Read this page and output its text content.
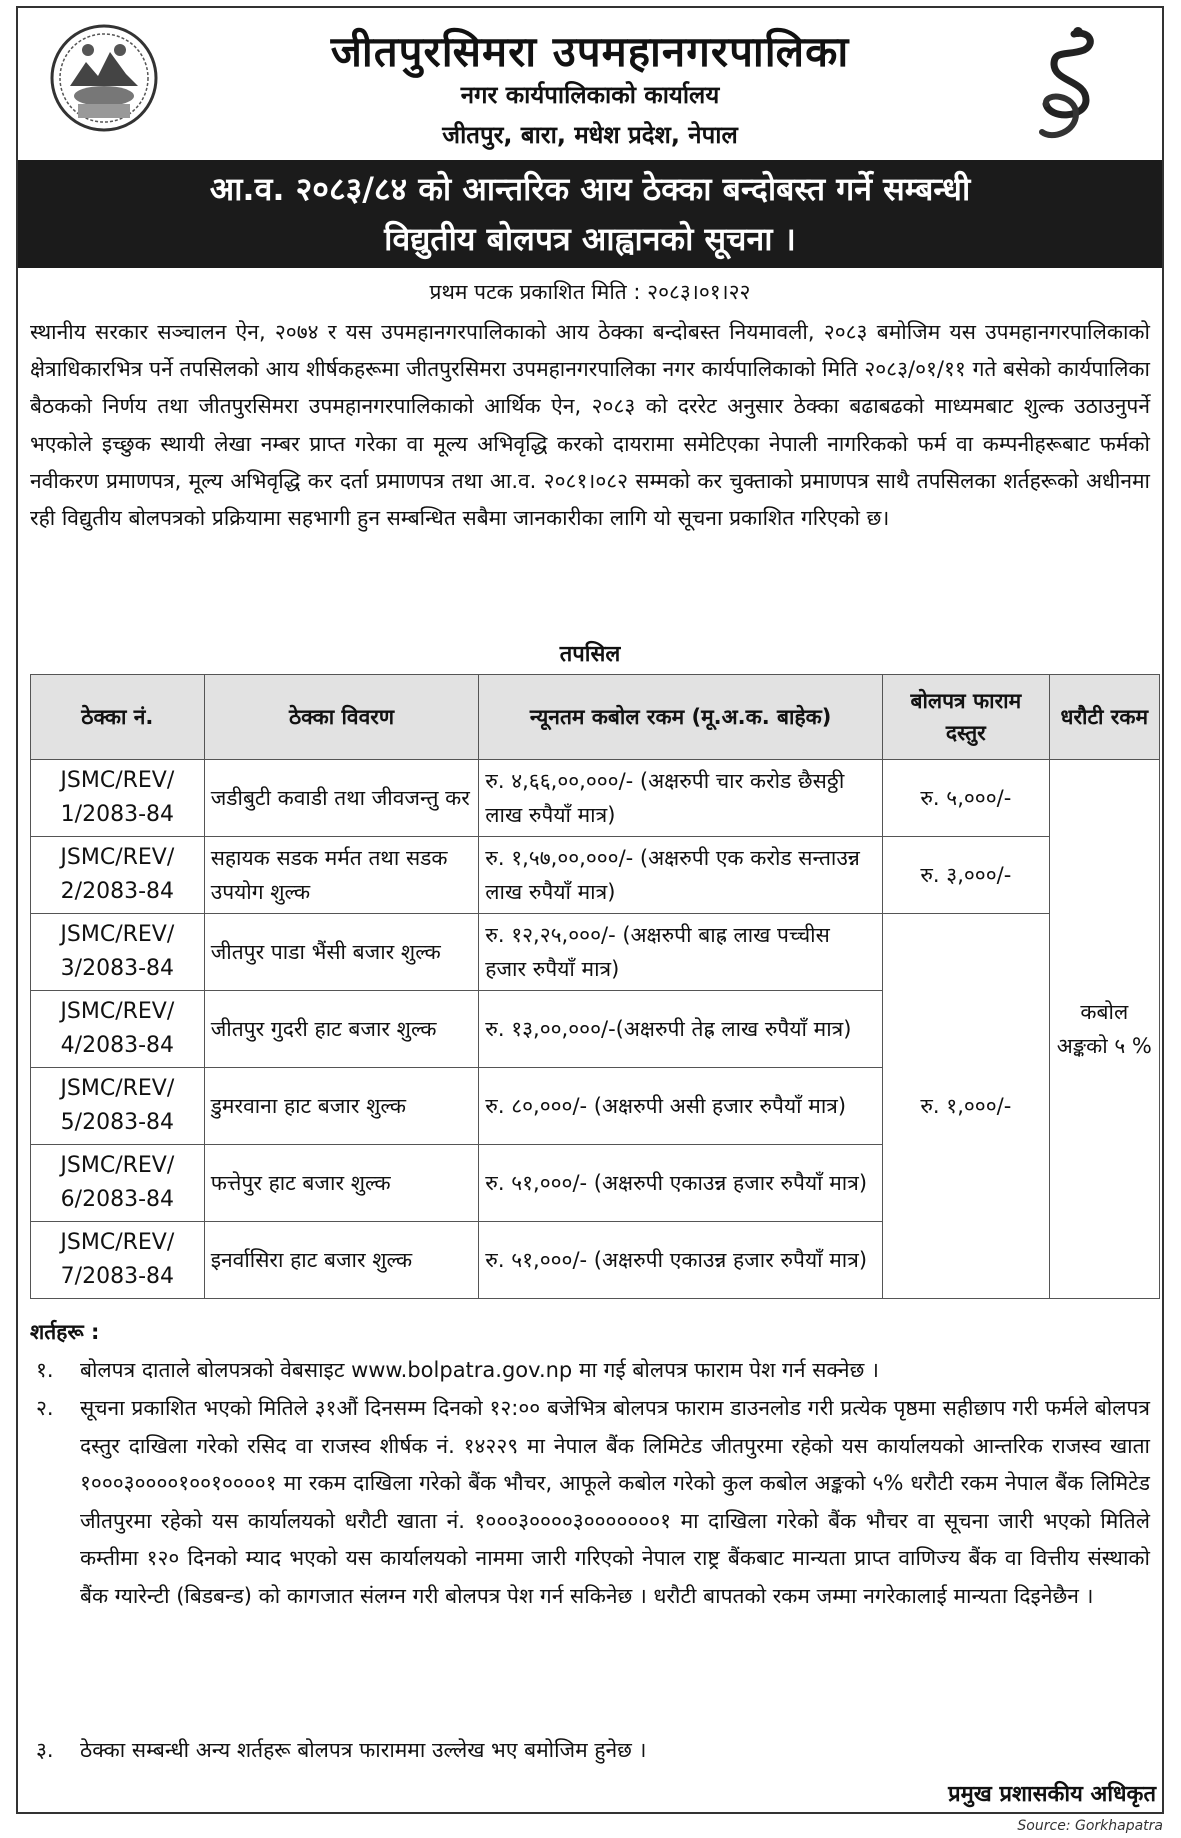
जीतपुरसिमरा उपमहानगरपालिका
नगर कार्यपालिकाको कार्यालय
जीतपुर, बारा, मधेश प्रदेश, नेपाल
आ.व. २०८३/८४ को आन्तरिक आय ठेक्का बन्दोबस्त गर्ने सम्बन्धी
विद्युतीय बोलपत्र आह्वानको सूचना ।
प्रथम पटक प्रकाशित मिति : २०८३।०१।२२
स्थानीय सरकार सञ्चालन ऐन, २०७४ र यस उपमहानगरपालिकाको आय ठेक्का बन्दोबस्त नियमावली, २०८३ बमोजिम यस उपमहानगरपालिकाको क्षेत्राधिकारभित्र पर्ने तपसिलको आय शीर्षकहरूमा जीतपुरसिमरा उपमहानगरपालिका नगर कार्यपालिकाको मिति २०८३/०१/११ गते बसेको कार्यपालिका बैठकको निर्णय तथा जीतपुरसिमरा उपमहानगरपालिकाको आर्थिक ऐन, २०८३ को दररेट अनुसार ठेक्का बढाबढको माध्यमबाट शुल्क उठाउनुपर्ने भएकोले इच्छुक स्थायी लेखा नम्बर प्राप्त गरेका वा मूल्य अभिवृद्धि करको दायरामा समेटिएका नेपाली नागरिकको फर्म वा कम्पनीहरूबाट फर्मको नवीकरण प्रमाणपत्र, मूल्य अभिवृद्धि कर दर्ता प्रमाणपत्र तथा आ.व. २०८१।०८२ सम्मको कर चुक्ताको प्रमाणपत्र साथै तपसिलका शर्तहरूको अधीनमा रही विद्युतीय बोलपत्रको प्रक्रियामा सहभागी हुन सम्बन्धित सबैमा जानकारीका लागि यो सूचना प्रकाशित गरिएको छ।
तपसिल
ठेक्का नं.	ठेक्का विवरण	न्यूनतम कबोल रकम (मू.अ.क. बाहेक)	बोलपत्र फाराम दस्तुर	धरौटी रकम
JSMC/REV/ 1/2083-84	जडीबुटी कवाडी तथा जीवजन्तु कर	रु. ४,६६,००,०००/- (अक्षरुपी चार करोड छैसठ्ठी लाख रुपैयाँ मात्र)	रु. ५,०००/-	कबोल अङ्कको ५ %
JSMC/REV/ 2/2083-84	सहायक सडक मर्मत तथा सडक उपयोग शुल्क	रु. १,५७,००,०००/- (अक्षरुपी एक करोड सन्ताउन्न लाख रुपैयाँ मात्र)	रु. ३,०००/-	
JSMC/REV/ 3/2083-84	जीतपुर पाडा भैंसी बजार शुल्क	रु. १२,२५,०००/- (अक्षरुपी बाह्र लाख पच्चीस हजार रुपैयाँ मात्र)	रु. १,०००/-	
JSMC/REV/ 4/2083-84	जीतपुर गुदरी हाट बजार शुल्क	रु. १३,००,०००/-(अक्षरुपी तेह्र लाख रुपैयाँ मात्र)		
JSMC/REV/ 5/2083-84	डुमरवाना हाट बजार शुल्क	रु. ८०,०००/- (अक्षरुपी असी हजार रुपैयाँ मात्र)		
JSMC/REV/ 6/2083-84	फत्तेपुर हाट बजार शुल्क	रु. ५१,०००/- (अक्षरुपी एकाउन्न हजार रुपैयाँ मात्र)		
JSMC/REV/ 7/2083-84	इनर्वासिरा हाट बजार शुल्क	रु. ५१,०००/- (अक्षरुपी एकाउन्न हजार रुपैयाँ मात्र)		
शर्तहरू :
१. बोलपत्र दाताले बोलपत्रको वेबसाइट www.bolpatra.gov.np मा गई बोलपत्र फाराम पेश गर्न सक्नेछ ।
२. सूचना प्रकाशित भएको मितिले ३१औं दिनसम्म दिनको १२:०० बजेभित्र बोलपत्र फाराम डाउनलोड गरी प्रत्येक पृष्ठमा सहीछाप गरी फर्मले बोलपत्र दस्तुर दाखिला गरेको रसिद वा राजस्व शीर्षक नं. १४२२९ मा नेपाल बैंक लिमिटेड जीतपुरमा रहेको यस कार्यालयको आन्तरिक राजस्व खाता १०००३००००१००१००००१ मा रकम दाखिला गरेको बैंक भौचर, आफूले कबोल गरेको कुल कबोल अङ्कको ५% धरौटी रकम नेपाल बैंक लिमिटेड जीतपुरमा रहेको यस कार्यालयको धरौटी खाता नं. १०००३००००३०००००००१ मा दाखिला गरेको बैंक भौचर वा सूचना जारी भएको मितिले कम्तीमा १२० दिनको म्याद भएको यस कार्यालयको नाममा जारी गरिएको नेपाल राष्ट्र बैंकबाट मान्यता प्राप्त वाणिज्य बैंक वा वित्तीय संस्थाको बैंक ग्यारेन्टी (बिडबन्ड) को कागजात संलग्न गरी बोलपत्र पेश गर्न सकिनेछ । धरौटी बापतको रकम जम्मा नगरेकालाई मान्यता दिइनेछैन ।
३. ठेक्का सम्बन्धी अन्य शर्तहरू बोलपत्र फाराममा उल्लेख भए बमोजिम हुनेछ ।
प्रमुख प्रशासकीय अधिकृत
Source: Gorkhapatra
